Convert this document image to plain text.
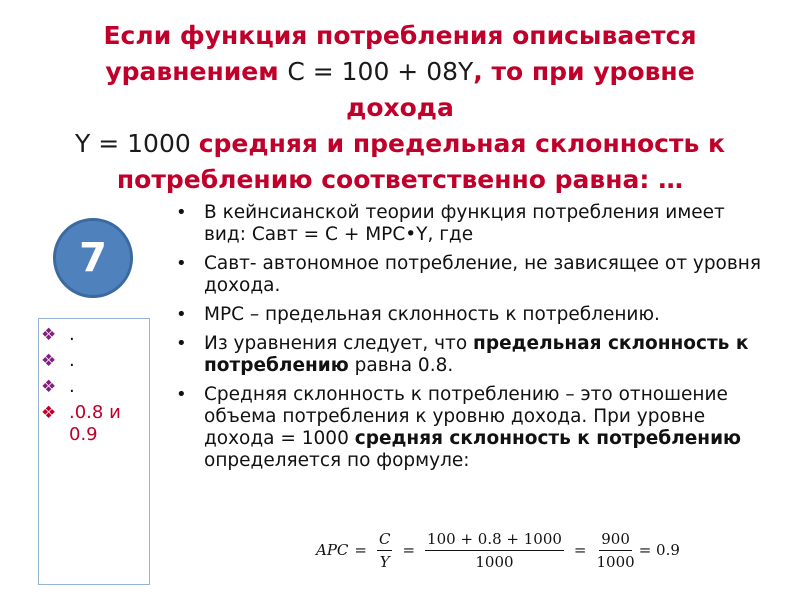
Если функция потребления описывается
уравнением C = 100 + 08Y, то при уровне
дохода
Y = 1000 средняя и предельная склонность к
потреблению соответственно равна: …
7
❖ .
❖ .
❖ .
❖ .0.8 и 0.9
• В кейнсианской теории функция потребления имеет вид: Савт = С + МРС•Y, где
• Савт- автономное потребление, не зависящее от уровня дохода.
• МРС – предельная склонность к потреблению.
• Из уравнения следует, что предельная склонность к потреблению равна 0.8.
• Средняя склонность к потреблению – это отношение объема потребления к уровню дохода. При уровне дохода = 1000 средняя склонность к потреблению определяется по формуле:
APC = $\frac{C}{Y} = \frac{100 + 0.8 + 1000}{1000} = \frac{900}{1000} = 0.9$
